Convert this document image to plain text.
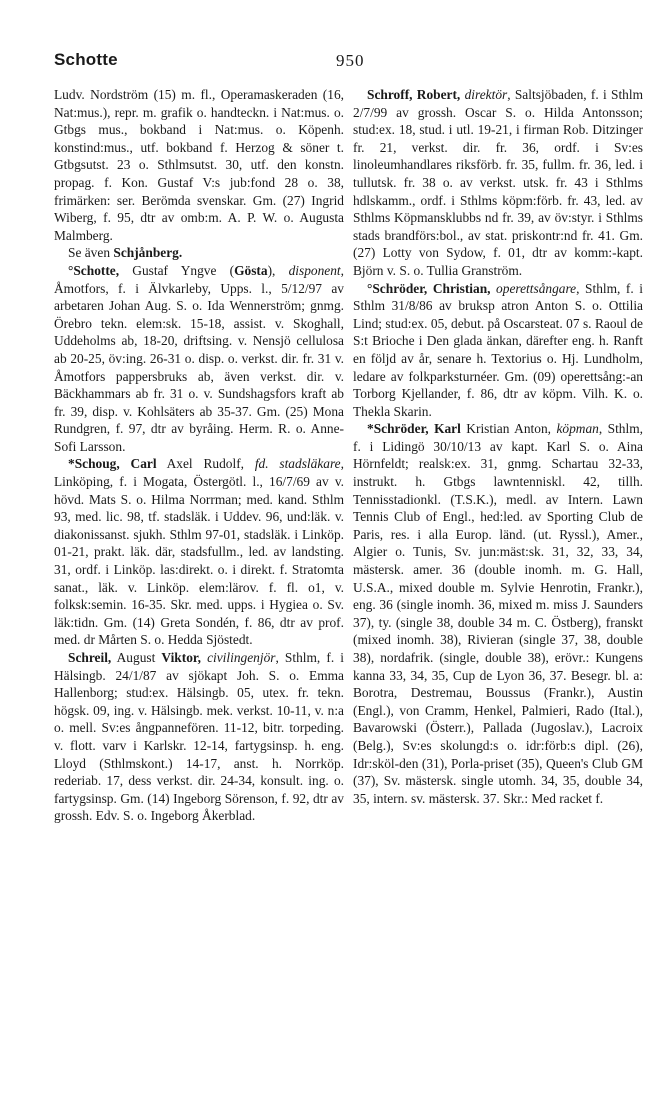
Schotte	950

Ludv. Nordström (15) m. fl., Operamaskeraden (16, Nat:mus.), repr. m. grafik o. handteckn. i Nat:mus. o. Gtbgs mus., bokband i Nat:mus. o. Köpenh. konstind:mus., utf. bokband f. Herzog & söner t. Gtbgsutst. 23 o. Sthlmsutst. 30, utf. den konstn. propag. f. Kon. Gustaf V:s jub:fond 28 o. 38, frimärken: ser. Berömda svenskar. Gm. (27) Ingrid Wiberg, f. 95, dtr av omb:m. A. P. W. o. Augusta Malmberg.

Se även Schjånberg.

°Schotte, Gustaf Yngve (Gösta), disponent, Åmotfors, f. i Älvkarleby, Upps. l., 5/12/97 av arbetaren Johan Aug. S. o. Ida Wennerström; gnmg. Örebro tekn. elem:sk. 15-18, assist. v. Skoghall, Uddeholms ab, 18-20, driftsing. v. Nensjö cellulosa ab 20-25, öv:ing. 26-31 o. disp. o. verkst. dir. fr. 31 v. Åmotfors pappersbruks ab, även verkst. dir. v. Bäckhammars ab fr. 31 o. v. Sundshagsfors kraft ab fr. 39, disp. v. Kohlsäters ab 35-37. Gm. (25) Mona Rundgren, f. 97, dtr av byråing. Herm. R. o. Anne-Sofi Larsson.

*Schoug, Carl Axel Rudolf, fd. stadsläkare, Linköping, f. i Mogata, Östergötl. l., 16/7/69 av v. hövd. Mats S. o. Hilma Norrman; med. kand. Sthlm 93, med. lic. 98, tf. stadsläk. i Uddev. 96, und:läk. v. diakonissanst. sjukh. Sthlm 97-01, stadsläk. i Linköp. 01-21, prakt. läk. där, stadsfullm., led. av landsting. 31, ordf. i Linköp. las:direkt. o. i direkt. f. Stratomta sanat., läk. v. Linköp. elem:lärov. f. fl. o1, v. folksk:semin. 16-35. Skr. med. upps. i Hygiea o. Sv. läk:tidn. Gm. (14) Greta Sondén, f. 86, dtr av prof. med. dr Mårten S. o. Hedda Sjöstedt.

Schreil, August Viktor, civilingenjör, Sthlm, f. i Hälsingb. 24/1/87 av sjökapt Joh. S. o. Emma Hallenborg; stud:ex. Hälsingb. 05, utex. fr. tekn. högsk. 09, ing. v. Hälsingb. mek. verkst. 10-11, v. n:a o. mell. Sv:es ångpannefören. 11-12, bitr. torpeding. v. flott. varv i Karlskr. 12-14, fartygsinsp. h. eng. Lloyd (Sthlmskont.) 14-17, anst. h. Norrköp. rederiab. 17, dess verkst. dir. 24-34, konsult. ing. o. fartygsinsp. Gm. (14) Ingeborg Sörenson, f. 92, dtr av grossh. Edv. S. o. Ingeborg Åkerblad.

Schroff, Robert, direktör, Saltsjöbaden, f. i Sthlm 2/7/99 av grossh. Oscar S. o. Hilda Antonsson; stud:ex. 18, stud. i utl. 19-21, i firman Rob. Ditzinger fr. 21, verkst. dir. fr. 36, ordf. i Sv:es linoleumhandlares riksförb. fr. 35, fullm. fr. 36, led. i tullutsk. fr. 38 o. av verkst. utsk. fr. 43 i Sthlms hdlskamm., ordf. i Sthlms köpm:förb. fr. 43, led. av Sthlms Köpmansklubbs nd fr. 39, av öv:styr. i Sthlms stads brandförs:bol., av stat. priskontr:nd fr. 41. Gm. (27) Lotty von Sydow, f. 01, dtr av komm:-kapt. Björn v. S. o. Tullia Granström.

°Schröder, Christian, operettsångare, Sthlm, f. i Sthlm 31/8/86 av bruksp atron Anton S. o. Ottilia Lind; stud:ex. 05, debut. på Oscarsteat. 07 s. Raoul de S:t Brioche i Den glada änkan, därefter eng. h. Ranft en följd av år, senare h. Textorius o. Hj. Lundholm, ledare av folkparksturnéer. Gm. (09) operettsång:-an Torborg Kjellander, f. 86, dtr av köpm. Vilh. K. o. Thekla Skarin.

*Schröder, Karl Kristian Anton, köpman, Sthlm, f. i Lidingö 30/10/13 av kapt. Karl S. o. Aina Hörnfeldt; realsk:ex. 31, gnmg. Schartau 32-33, instrukt. h. Gtbgs lawntenniskl. 42, tillh. Tennisstadionkl. (T.S.K.), medl. av Intern. Lawn Tennis Club of Engl., hed:led. av Sporting Club de Paris, res. i alla Europ. länd. (ut. Ryssl.), Amer., Algier o. Tunis, Sv. jun:mäst:sk. 31, 32, 33, 34, mästersk. amer. 36 (double inomh. m. G. Hall, U.S.A., mixed double m. Sylvie Henrotin, Frankr.), eng. 36 (single inomh. 36, mixed m. miss J. Saunders 37), ty. (single 38, double 34 m. C. Östberg), franskt (mixed inomh. 38), Rivieran (single 37, 38, double 38), nordafrik. (single, double 38), erövr.: Kungens kanna 33, 34, 35, Cup de Lyon 36, 37. Besegr. bl. a: Borotra, Destremau, Boussus (Frankr.), Austin (Engl.), von Cramm, Henkel, Palmieri, Rado (Ital.), Bavarowski (Österr.), Pallada (Jugoslav.), Lacroix (Belg.), Sv:es skolungd:s o. idr:förb:s dipl. (26), Idr:sköl-den (31), Porla-priset (35), Queen's Club GM (37), Sv. mästersk. single utomh. 34, 35, double 34, 35, intern. sv. mästersk. 37. Skr.: Med racket f.
